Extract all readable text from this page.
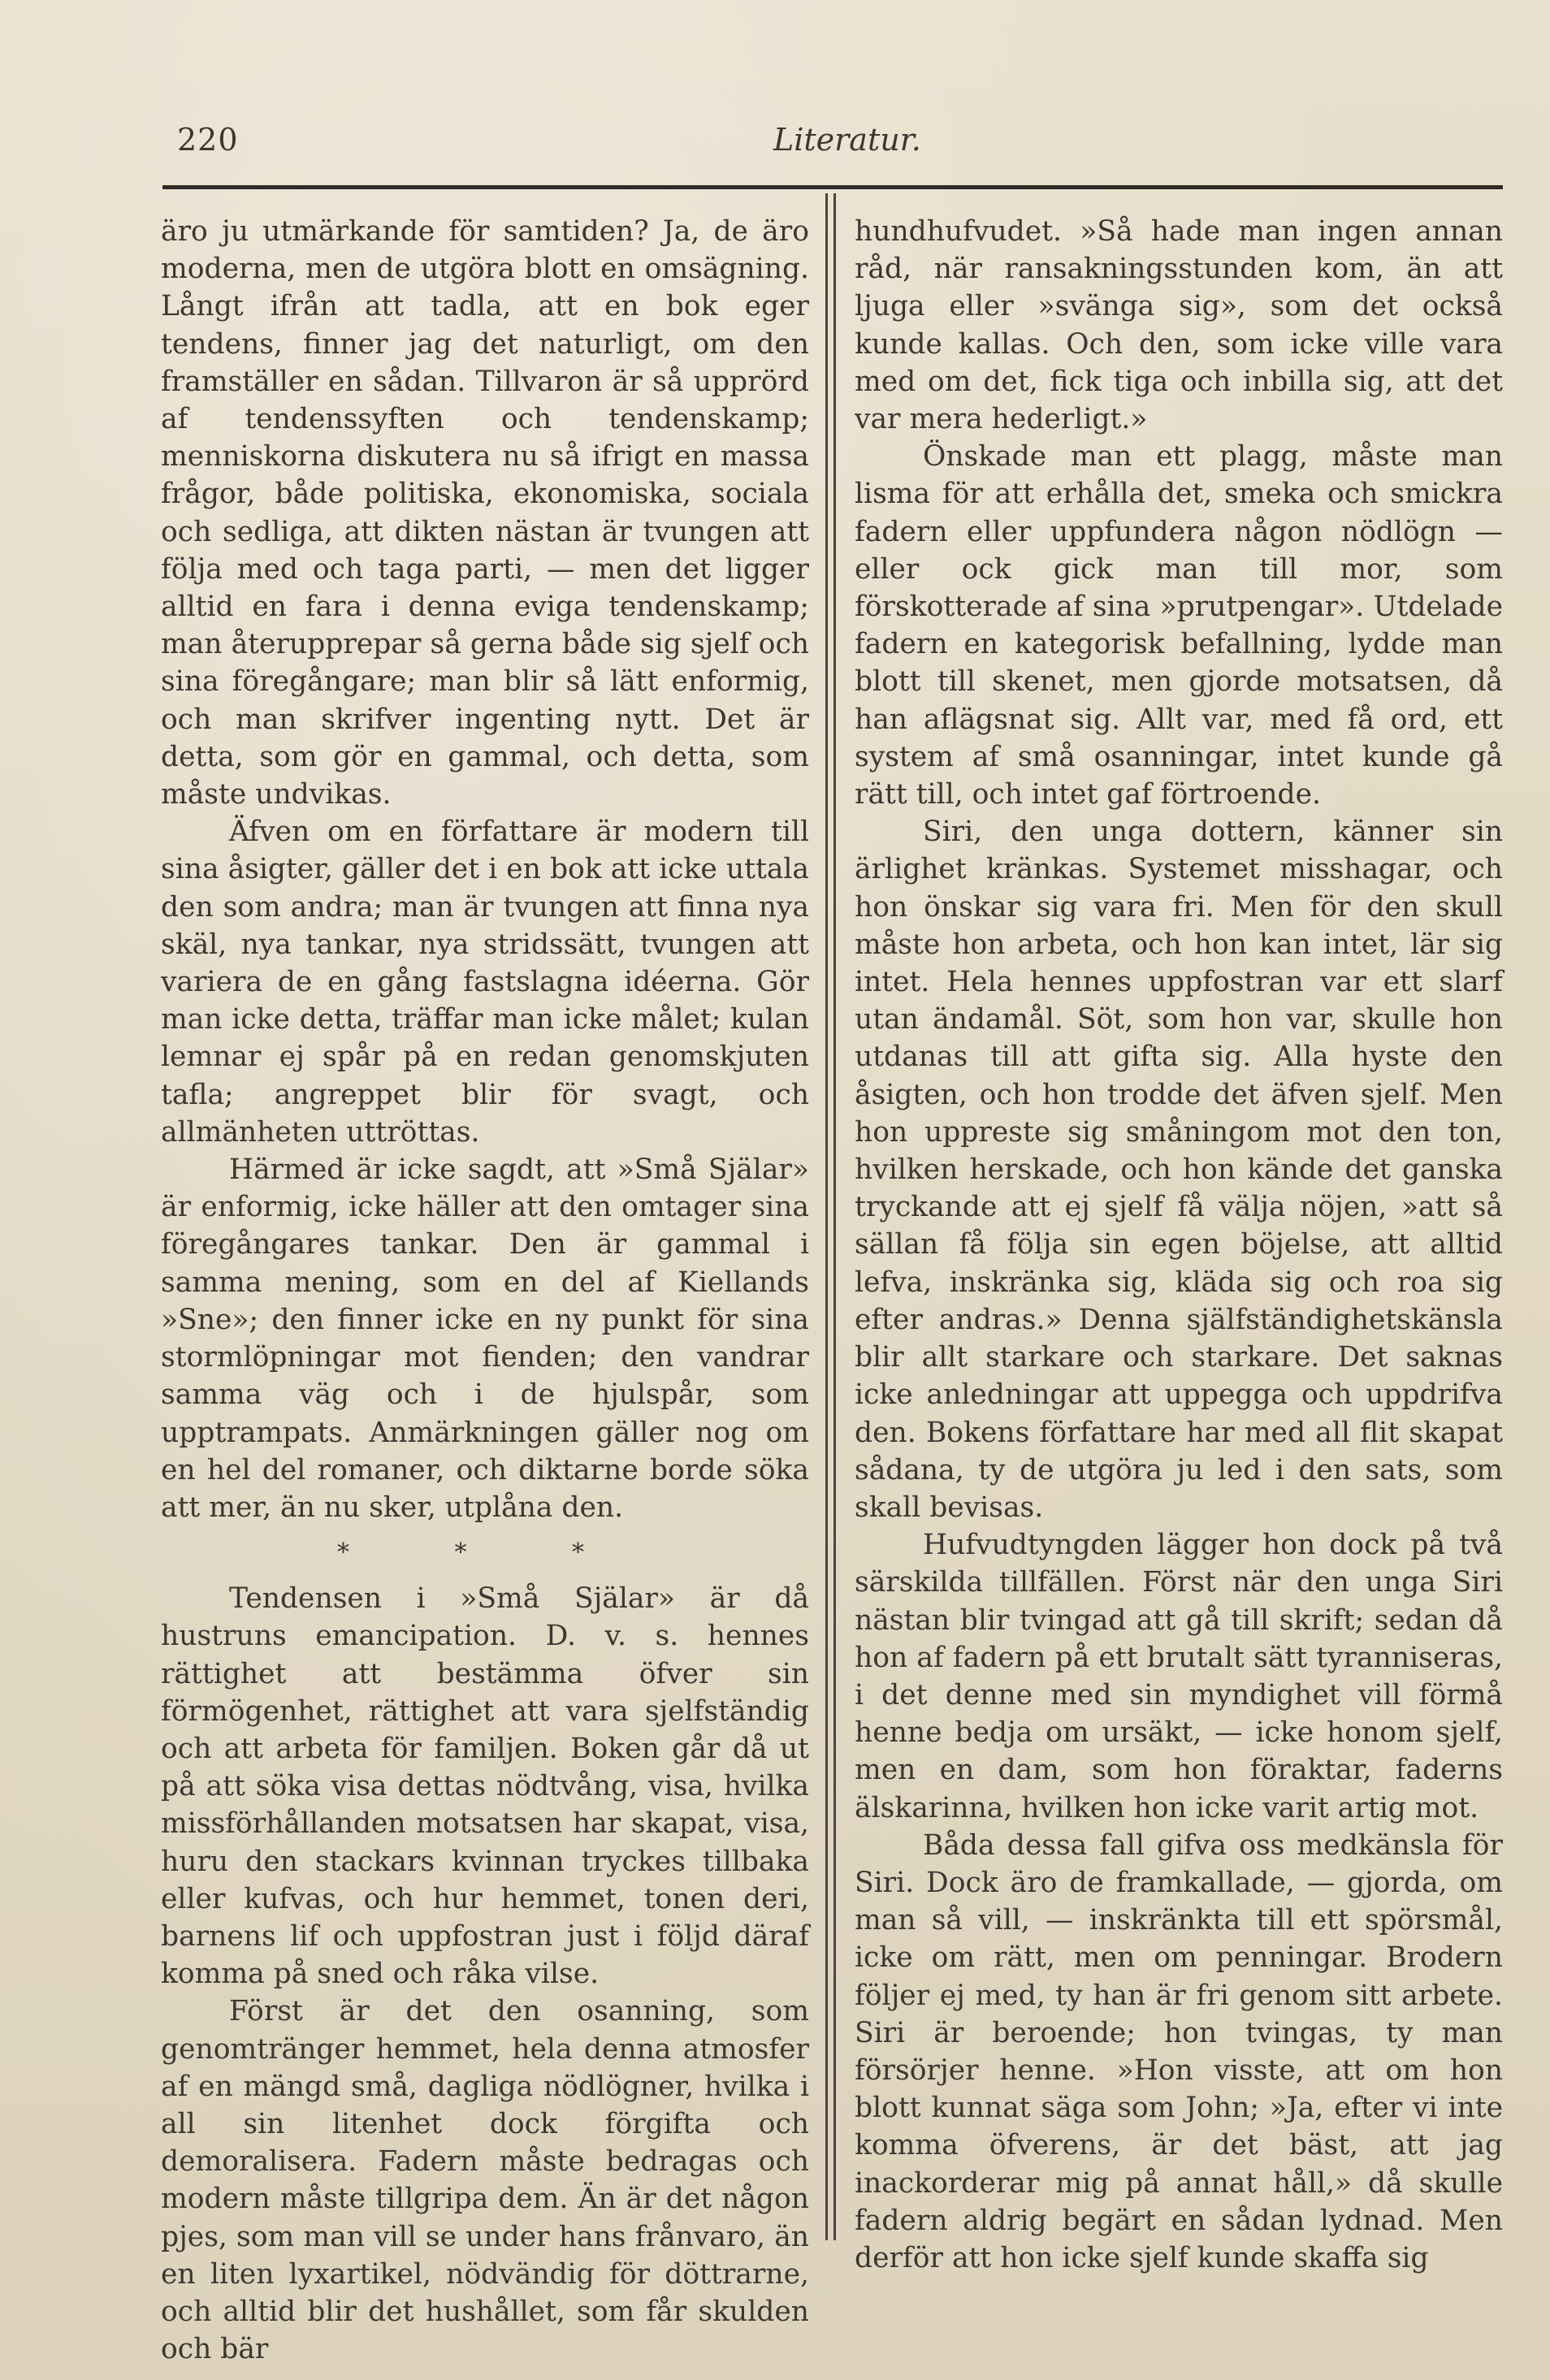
220	Literatur.

äro ju utmärkande för samtiden? Ja, de äro moderna, men de utgöra blott en omsägning. Långt ifrån att tadla, att en bok eger tendens, finner jag det naturligt, om den framställer en sådan. Tillvaron är så upprörd af tendenssyften och tendenskamp; menniskorna diskutera nu så ifrigt en massa frågor, både politiska, ekonomiska, sociala och sedliga, att dikten nästan är tvungen att följa med och taga parti, — men det ligger alltid en fara i denna eviga tendenskamp; man återupprepar så gerna både sig sjelf och sina föregångare; man blir så lätt enformig, och man skrifver ingenting nytt. Det är detta, som gör en gammal, och detta, som måste undvikas.

Äfven om en författare är modern till sina åsigter, gäller det i en bok att icke uttala den som andra; man är tvungen att finna nya skäl, nya tankar, nya stridssätt, tvungen att variera de en gång fastslagna idéerna. Gör man icke detta, träffar man icke målet; kulan lemnar ej spår på en redan genomskjuten tafla; angreppet blir för svagt, och allmänheten uttröttas.

Härmed är icke sagdt, att »Små Själar» är enformig, icke häller att den omtager sina föregångares tankar. Den är gammal i samma mening, som en del af Kiellands »Sne»; den finner icke en ny punkt för sina stormlöpningar mot fienden; den vandrar samma väg och i de hjulspår, som upptrampats. Anmärkningen gäller nog om en hel del romaner, och diktarne borde söka att mer, än nu sker, utplåna den.

* * *

Tendensen i »Små Själar» är då hustruns emancipation. D. v. s. hennes rättighet att bestämma öfver sin förmögenhet, rättighet att vara sjelfständig och att arbeta för familjen. Boken går då ut på att söka visa dettas nödtvång, visa, hvilka missförhållanden motsatsen har skapat, visa, huru den stackars kvinnan tryckes tillbaka eller kufvas, och hur hemmet, tonen deri, barnens lif och uppfostran just i följd däraf komma på sned och råka vilse.

Först är det den osanning, som genomtränger hemmet, hela denna atmosfer af en mängd små, dagliga nödlögner, hvilka i all sin litenhet dock förgifta och demoralisera. Fadern måste bedragas och modern måste tillgripa dem. Än är det någon pjes, som man vill se under hans frånvaro, än en liten lyxartikel, nödvändig för döttrarne, och alltid blir det hushållet, som får skulden och bär

hundhufvudet. »Så hade man ingen annan råd, när ransakningsstunden kom, än att ljuga eller »svänga sig», som det också kunde kallas. Och den, som icke ville vara med om det, fick tiga och inbilla sig, att det var mera hederligt.»

Önskade man ett plagg, måste man lisma för att erhålla det, smeka och smickra fadern eller uppfundera någon nödlögn — eller ock gick man till mor, som förskotterade af sina »prutpengar». Utdelade fadern en kategorisk befallning, lydde man blott till skenet, men gjorde motsatsen, då han aflägsnat sig. Allt var, med få ord, ett system af små osanningar, intet kunde gå rätt till, och intet gaf förtroende.

Siri, den unga dottern, känner sin ärlighet kränkas. Systemet misshagar, och hon önskar sig vara fri. Men för den skull måste hon arbeta, och hon kan intet, lär sig intet. Hela hennes uppfostran var ett slarf utan ändamål. Söt, som hon var, skulle hon utdanas till att gifta sig. Alla hyste den åsigten, och hon trodde det äfven sjelf. Men hon uppreste sig småningom mot den ton, hvilken herskade, och hon kände det ganska tryckande att ej sjelf få välja nöjen, »att så sällan få följa sin egen böjelse, att alltid lefva, inskränka sig, kläda sig och roa sig efter andras.» Denna själfständighetskänsla blir allt starkare och starkare. Det saknas icke anledningar att uppegga och uppdrifva den. Bokens författare har med all flit skapat sådana, ty de utgöra ju led i den sats, som skall bevisas.

Hufvudtyngden lägger hon dock på två särskilda tillfällen. Först när den unga Siri nästan blir tvingad att gå till skrift; sedan då hon af fadern på ett brutalt sätt tyranniseras, i det denne med sin myndighet vill förmå henne bedja om ursäkt, — icke honom sjelf, men en dam, som hon föraktar, faderns älskarinna, hvilken hon icke varit artig mot.

Båda dessa fall gifva oss medkänsla för Siri. Dock äro de framkallade, — gjorda, om man så vill, — inskränkta till ett spörsmål, icke om rätt, men om penningar. Brodern följer ej med, ty han är fri genom sitt arbete. Siri är beroende; hon tvingas, ty man försörjer henne. »Hon visste, att om hon blott kunnat säga som John; »Ja, efter vi inte komma öfverens, är det bäst, att jag inackorderar mig på annat håll,» då skulle fadern aldrig begärt en sådan lydnad. Men derför att hon icke sjelf kunde skaffa sig
